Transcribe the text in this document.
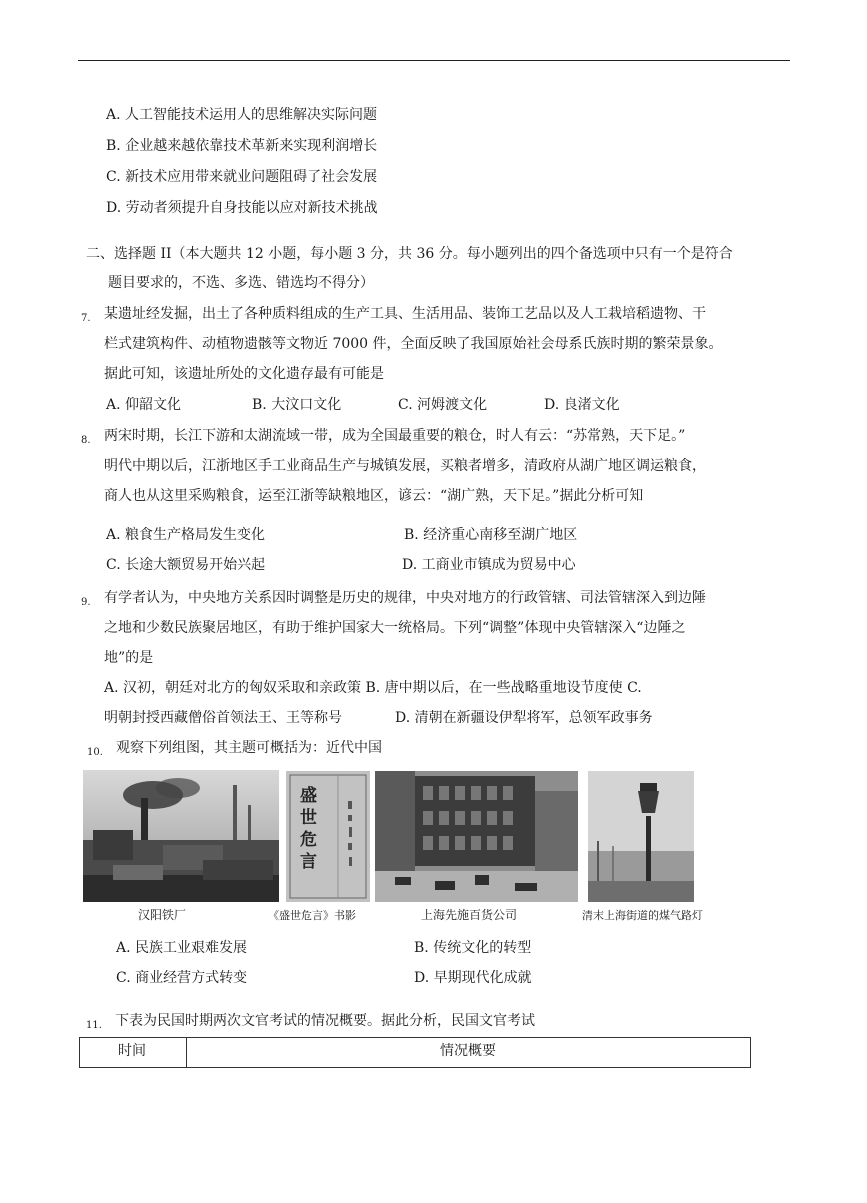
A. 人工智能技术运用人的思维解决实际问题
B. 企业越来越依靠技术革新来实现利润增长
C. 新技术应用带来就业问题阻碍了社会发展
D. 劳动者须提升自身技能以应对新技术挑战
二、选择题 II（本大题共 12 小题，每小题 3 分，共 36 分。每小题列出的四个备选项中只有一个是符合
题目要求的，不选、多选、错选均不得分）
7. 某遗址经发掘，出土了各种质料组成的生产工具、生活用品、装饰工艺品以及人工栽培稻遗物、干
栏式建筑构件、动植物遗骸等文物近 7000 件，全面反映了我国原始社会母系氏族时期的繁荣景象。
据此可知，该遗址所处的文化遗存最有可能是
A. 仰韶文化	B. 大汶口文化	C. 河姆渡文化	D. 良渚文化
8. 两宋时期，长江下游和太湖流域一带，成为全国最重要的粮仓，时人有云：“苏常熟，天下足。”
明代中期以后，江浙地区手工业商品生产与城镇发展，买粮者增多，清政府从湖广地区调运粮食，
商人也从这里采购粮食，运至江浙等缺粮地区，谚云：“湖广熟，天下足。”据此分析可知
A. 粮食生产格局发生变化	B. 经济重心南移至湖广地区
C. 长途大额贸易开始兴起	D. 工商业市镇成为贸易中心
9. 有学者认为，中央地方关系因时调整是历史的规律，中央对地方的行政管辖、司法管辖深入到边陲
之地和少数民族聚居地区，有助于维护国家大一统格局。下列“调整”体现中央管辖深入“边陲之
地”的是
A. 汉初，朝廷对北方的匈奴采取和亲政策 B. 唐中期以后，在一些战略重地设节度使 C.
明朝封授西藏僧俗首领法王、王等称号	D. 清朝在新疆设伊犁将军，总领军政事务
10. 观察下列组图，其主题可概括为：近代中国
盛世危言
汉阳铁厂	《盛世危言》书影	上海先施百货公司	清末上海街道的煤气路灯
A. 民族工业艰难发展	B. 传统文化的转型
C. 商业经营方式转变	D. 早期现代化成就
11. 下表为民国时期两次文官考试的情况概要。据此分析，民国文官考试
时间	情况概要
